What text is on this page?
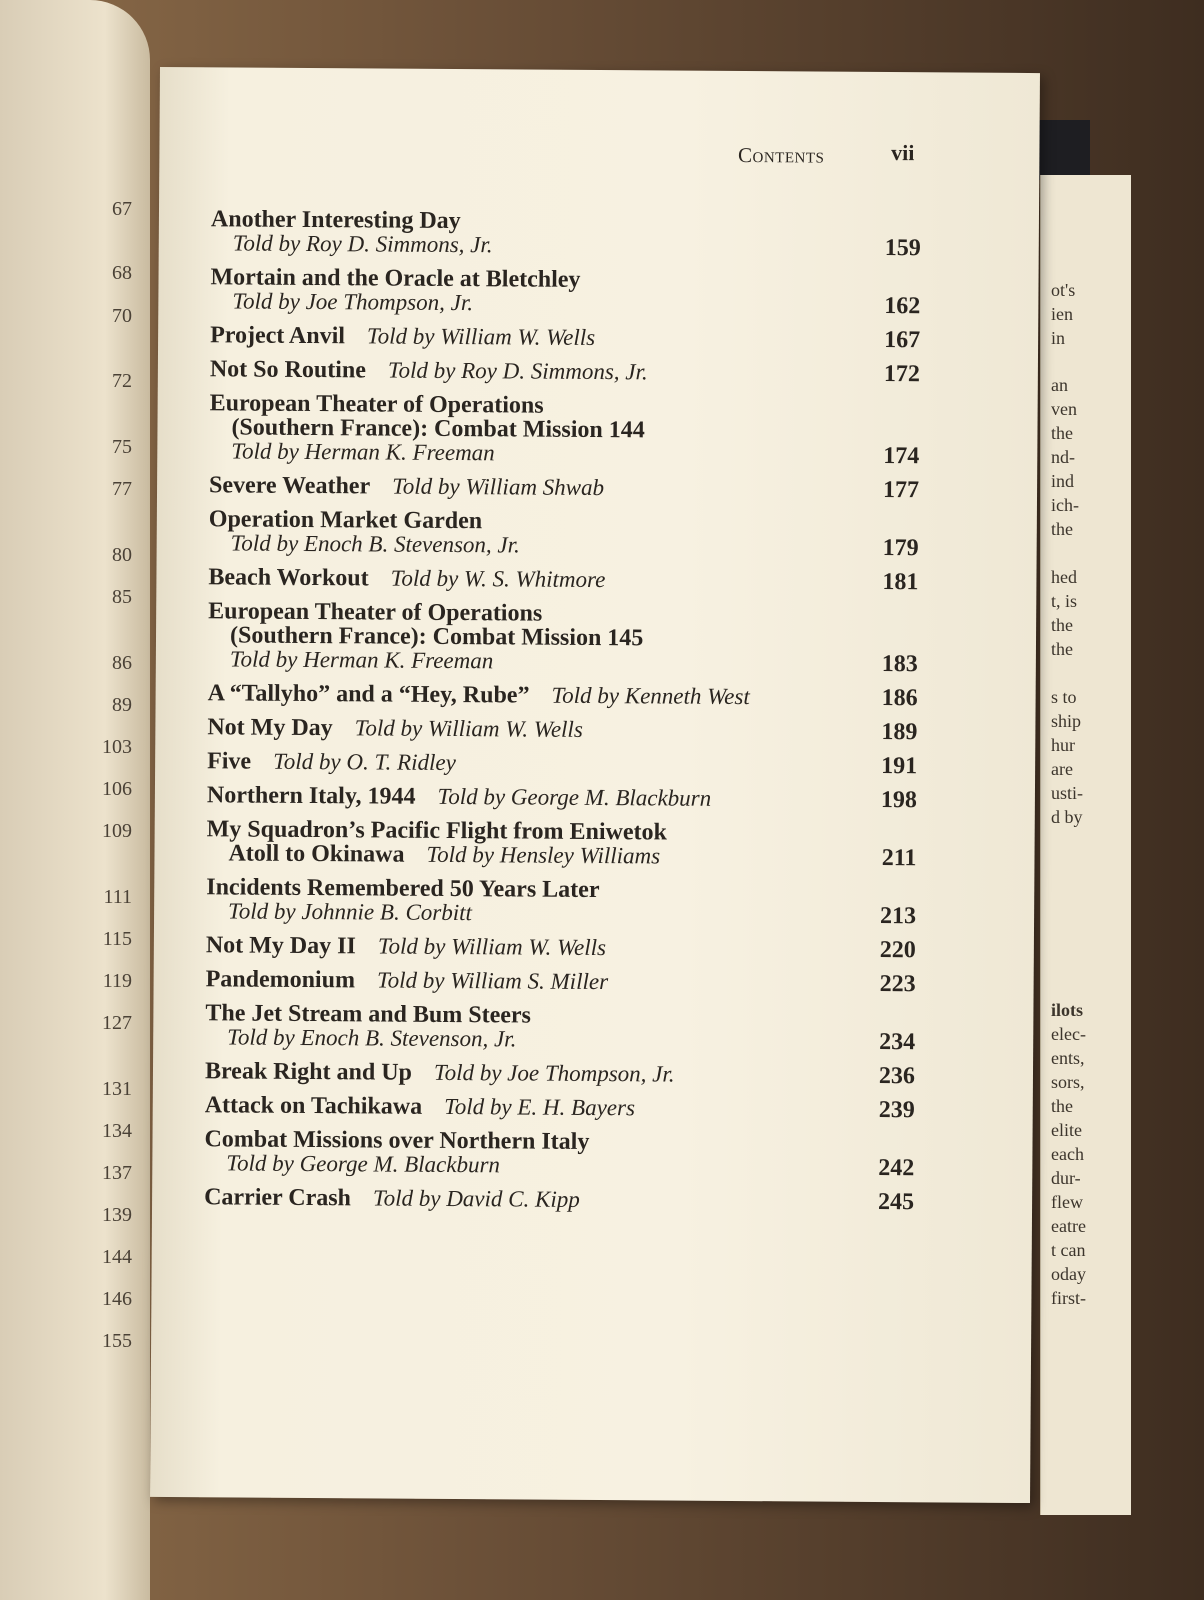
67
68
70
72
75
77
80
85
86
89
103
106
109
111
115
119
127
131
134
137
139
144
146
155
ot's
ien
in
an
ven
the
nd-
ind
ich-
the
hed
t, is
the
the
s to
ship
hur
are
usti-
d by
ilots
elec-
ents,
sors,
the
elite
each
dur-
flew
eatre
t can
oday
first-
Contents	vii
Another Interesting Day
Told by Roy D. Simmons, Jr.	159
Mortain and the Oracle at Bletchley
Told by Joe Thompson, Jr.	162
Project Anvil Told by William W. Wells	167
Not So Routine Told by Roy D. Simmons, Jr.	172
European Theater of Operations
(Southern France): Combat Mission 144
Told by Herman K. Freeman	174
Severe Weather Told by William Shwab	177
Operation Market Garden
Told by Enoch B. Stevenson, Jr.	179
Beach Workout Told by W. S. Whitmore	181
European Theater of Operations
(Southern France): Combat Mission 145
Told by Herman K. Freeman	183
A “Tallyho” and a “Hey, Rube” Told by Kenneth West	186
Not My Day Told by William W. Wells	189
Five Told by O. T. Ridley	191
Northern Italy, 1944 Told by George M. Blackburn	198
My Squadron’s Pacific Flight from Eniwetok
Atoll to Okinawa Told by Hensley Williams	211
Incidents Remembered 50 Years Later
Told by Johnnie B. Corbitt	213
Not My Day II Told by William W. Wells	220
Pandemonium Told by William S. Miller	223
The Jet Stream and Bum Steers
Told by Enoch B. Stevenson, Jr.	234
Break Right and Up Told by Joe Thompson, Jr.	236
Attack on Tachikawa Told by E. H. Bayers	239
Combat Missions over Northern Italy
Told by George M. Blackburn	242
Carrier Crash Told by David C. Kipp	245
